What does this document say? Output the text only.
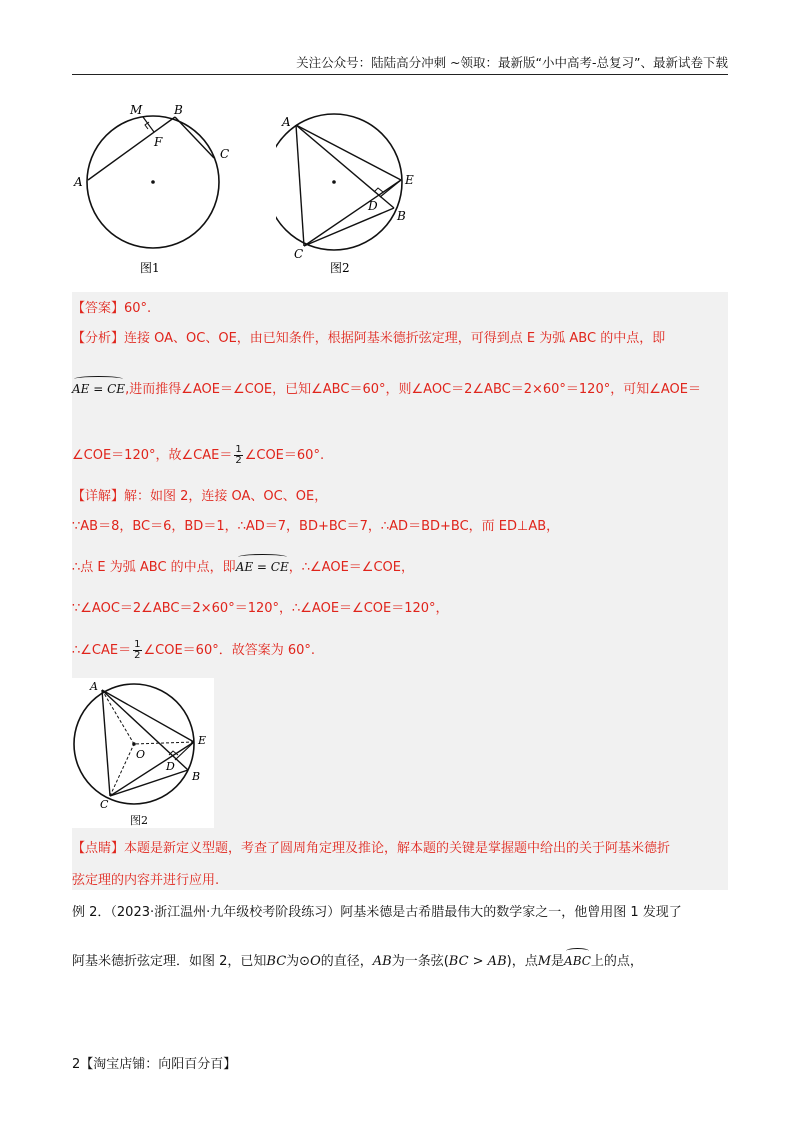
关注公众号：陆陆高分冲刺 ~领取：最新版“小中高考-总复习”、最新试卷下载
M	B
F
C
A
图1
A
E
D
B
C
图2
【答案】60°.
【分析】连接 OA、OC、OE，由已知条件，根据阿基米德折弦定理，可得到点 E 为弧 ABC 的中点，即
AE = CE,进而推得∠AOE＝∠COE，已知∠ABC＝60°，则∠AOC＝2∠ABC＝2×60°＝120°，可知∠AOE＝
∠COE＝120°，故∠CAE＝ $\frac{1}{2}$ ∠COE＝60°.
【详解】解：如图 2，连接 OA、OC、OE，
∵AB＝8，BC＝6，BD＝1，∴AD＝7，BD+BC＝7，∴AD＝BD+BC，而 ED⊥AB，
∴点 E 为弧 ABC 的中点，即AE = CE，∴∠AOE＝∠COE，
∵∠AOC＝2∠ABC＝2×60°＝120°，∴∠AOE＝∠COE＝120°，
∴∠CAE＝ $\frac{1}{2}$ ∠COE＝60°．故答案为 60°.
A
O
E
D
B
C
图2
【点睛】本题是新定义型题，考查了圆周角定理及推论，解本题的关键是掌握题中给出的关于阿基米德折
弦定理的内容并进行应用.
例 2．（2023·浙江温州·九年级校考阶段练习）阿基米德是古希腊最伟大的数学家之一，他曾用图 1 发现了
阿基米德折弦定理．如图 2，已知BC为⊙O的直径，AB为一条弦(BC > AB)，点M是ABC上的点，
2【淘宝店铺：向阳百分百】
